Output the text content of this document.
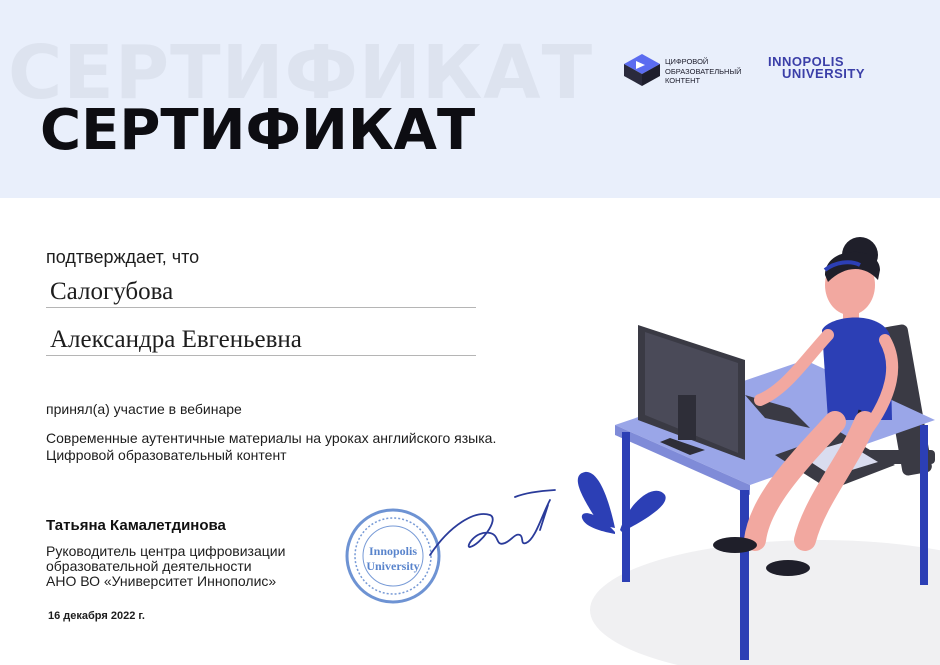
СЕРТИФИКАТ
СЕРТИФИКАТ
ЦИФРОВОЙ
ОБРАЗОВАТЕЛЬНЫЙ
КОНТЕНТ
INNOPOLIS
UNIVERSITY
подтверждает, что
Салогубова
Александра Евгеньевна
принял(а) участие в вебинаре
Современные аутентичные материалы на уроках английского языка. Цифровой образовательный контент
Татьяна Камалетдинова
Руководитель центра цифровизации
образовательной деятельности
АНО ВО «Университет Иннополис»
16 декабря 2022 г.
Innopolis
University
